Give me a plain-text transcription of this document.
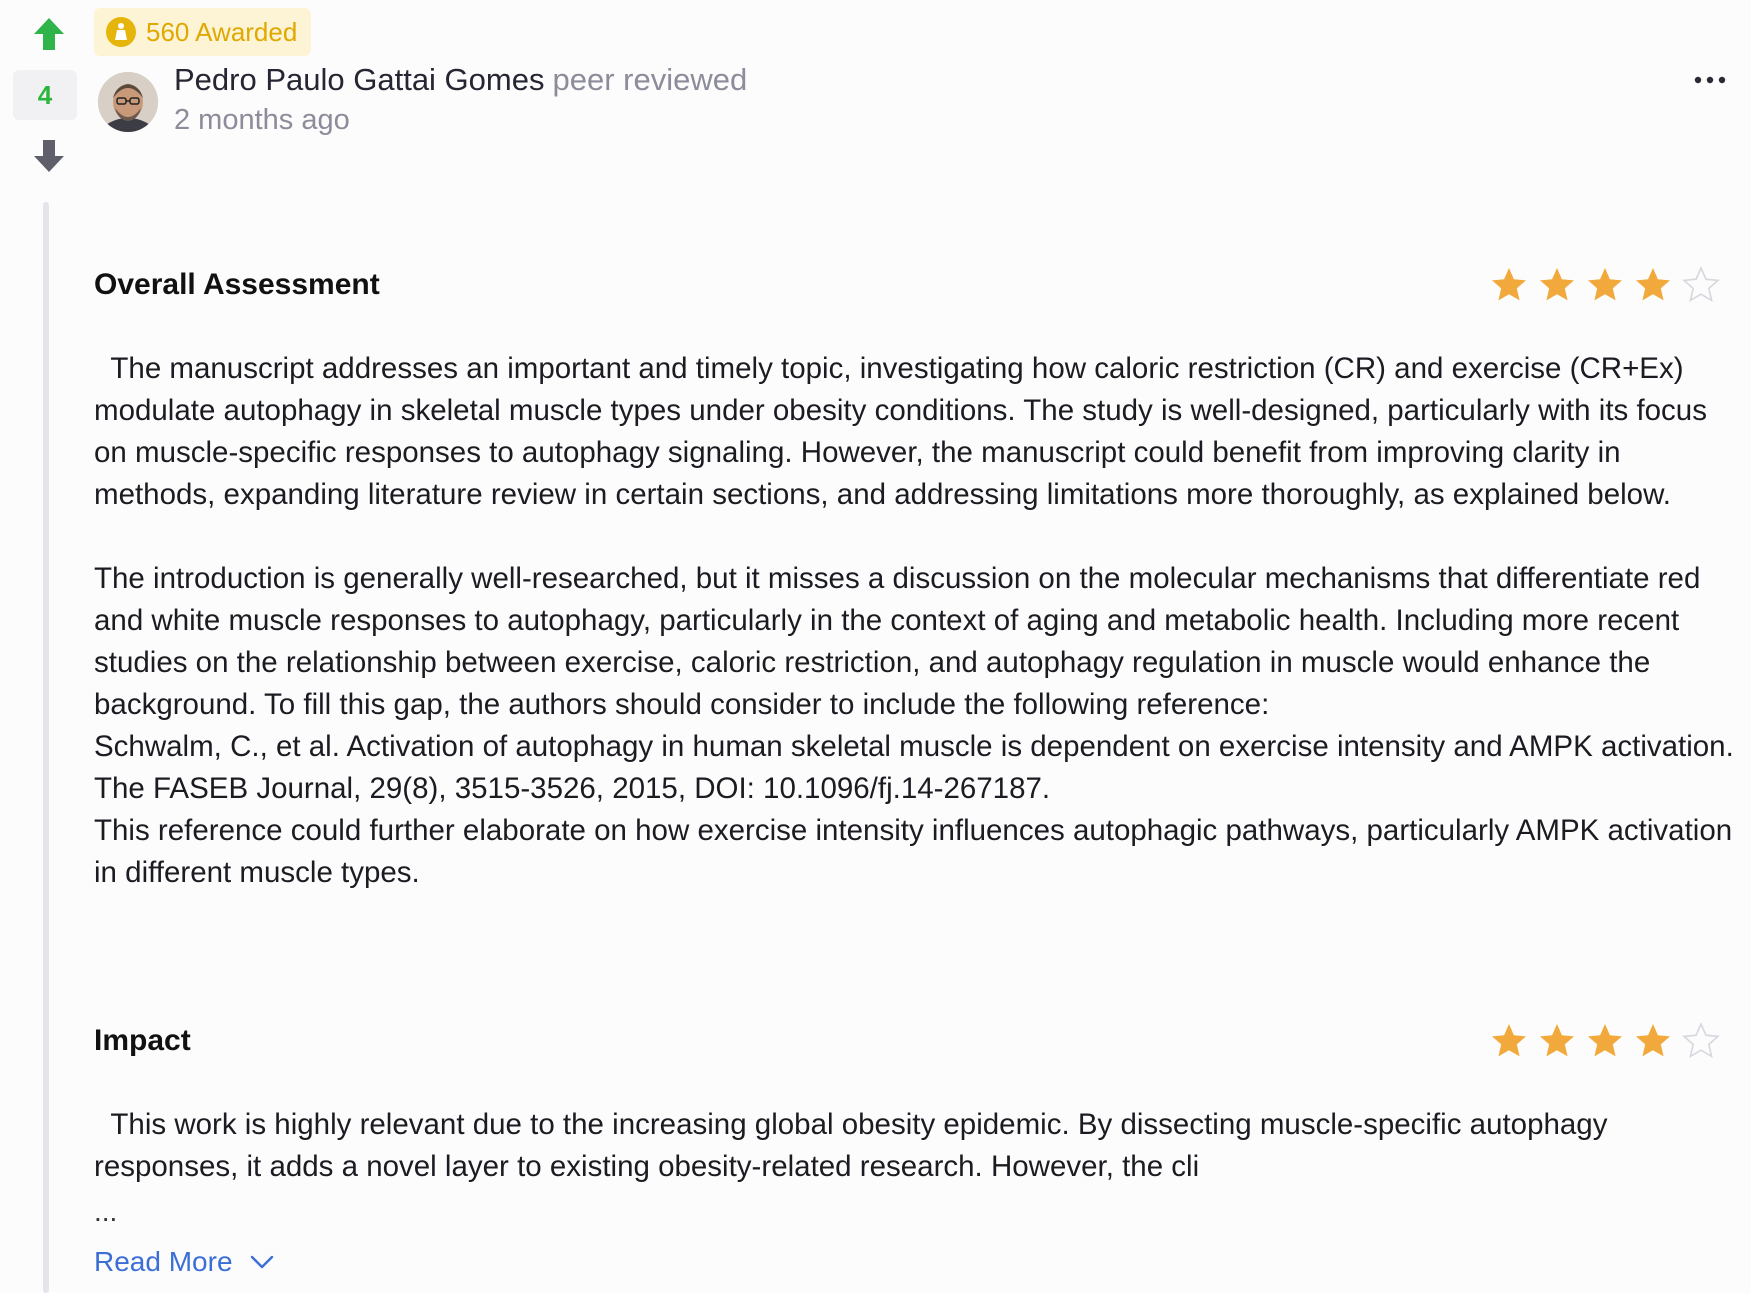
4
560 Awarded
Pedro Paulo Gattai Gomes peer reviewed
2 months ago
Overall Assessment

The manuscript addresses an important and timely topic, investigating how caloric restriction (CR) and exercise (CR+Ex) modulate autophagy in skeletal muscle types under obesity conditions. The study is well-designed, particularly with its focus on muscle-specific responses to autophagy signaling. However, the manuscript could benefit from improving clarity in methods, expanding literature review in certain sections, and addressing limitations more thoroughly, as explained below.

The introduction is generally well-researched, but it misses a discussion on the molecular mechanisms that differentiate red and white muscle responses to autophagy, particularly in the context of aging and metabolic health. Including more recent studies on the relationship between exercise, caloric restriction, and autophagy regulation in muscle would enhance the background. To fill this gap, the authors should consider to include the following reference:

Schwalm, C., et al. Activation of autophagy in human skeletal muscle is dependent on exercise intensity and AMPK activation. The FASEB Journal, 29(8), 3515-3526, 2015, DOI: 10.1096/fj.14-267187.

This reference could further elaborate on how exercise intensity influences autophagic pathways, particularly AMPK activation in different muscle types.

Impact

This work is highly relevant due to the increasing global obesity epidemic. By dissecting muscle-specific autophagy responses, it adds a novel layer to existing obesity-related research. However, the cli

...
Read More
